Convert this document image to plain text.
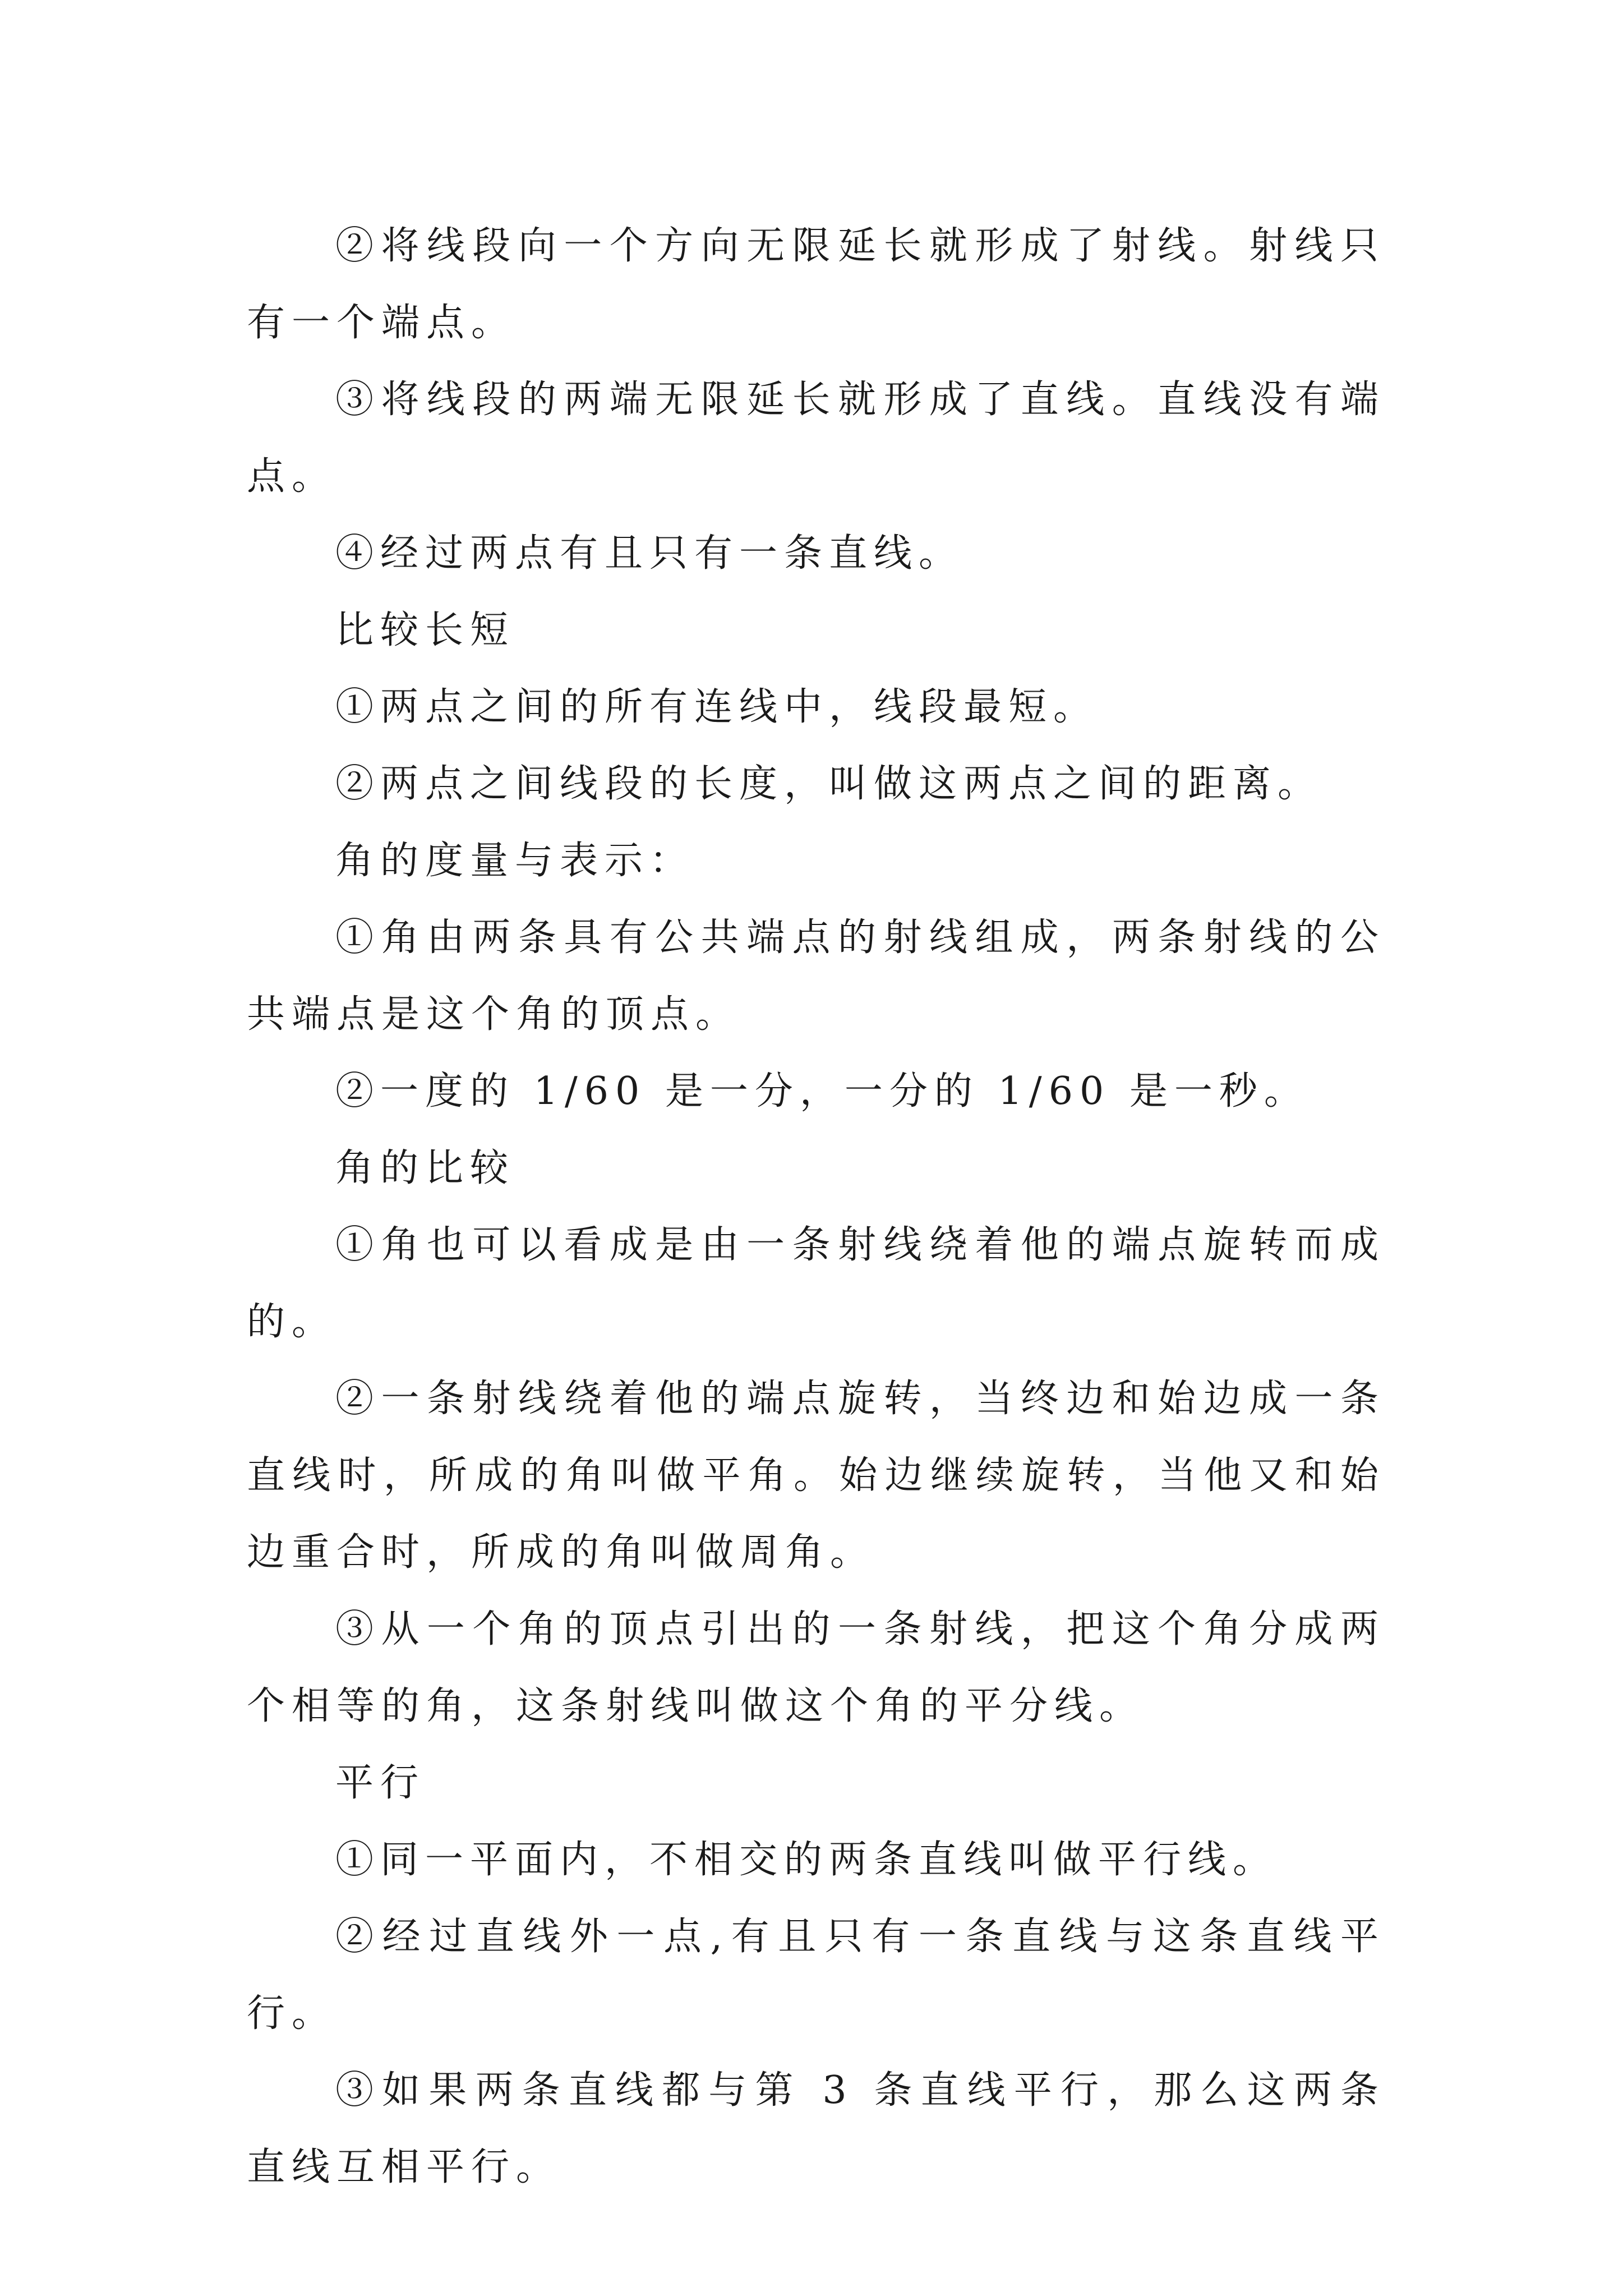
②将线段向一个方向无限延长就形成了射线。射线只有一个端点。

③将线段的两端无限延长就形成了直线。直线没有端点。

④经过两点有且只有一条直线。

比较长短

①两点之间的所有连线中，线段最短。

②两点之间线段的长度，叫做这两点之间的距离。

角的度量与表示：

①角由两条具有公共端点的射线组成，两条射线的公共端点是这个角的顶点。

②一度的 1/60 是一分，一分的 1/60 是一秒。

角的比较

①角也可以看成是由一条射线绕着他的端点旋转而成的。

②一条射线绕着他的端点旋转，当终边和始边成一条直线时，所成的角叫做平角。始边继续旋转，当他又和始边重合时，所成的角叫做周角。

③从一个角的顶点引出的一条射线，把这个角分成两个相等的角，这条射线叫做这个角的平分线。

平行

①同一平面内，不相交的两条直线叫做平行线。

②经过直线外一点,有且只有一条直线与这条直线平行。

③如果两条直线都与第 3 条直线平行，那么这两条直线互相平行。
